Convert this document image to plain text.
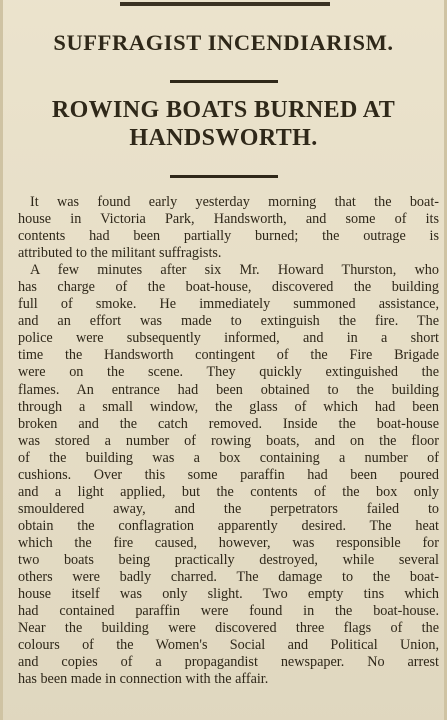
SUFFRAGIST INCENDIARISM.
ROWING BOATS BURNED AT
HANDSWORTH.
It was found early yesterday morning that the boat-
house in Victoria Park, Handsworth, and some of its
contents had been partially burned; the outrage is
attributed to the militant suffragists.
A few minutes after six Mr. Howard Thurston, who
has charge of the boat-house, discovered the building
full of smoke. He immediately summoned assistance,
and an effort was made to extinguish the fire. The
police were subsequently informed, and in a short
time the Handsworth contingent of the Fire Brigade
were on the scene. They quickly extinguished the
flames. An entrance had been obtained to the building
through a small window, the glass of which had been
broken and the catch removed. Inside the boat-house
was stored a number of rowing boats, and on the floor
of the building was a box containing a number of
cushions. Over this some paraffin had been poured
and a light applied, but the contents of the box only
smouldered away, and the perpetrators failed to
obtain the conflagration apparently desired. The heat
which the fire caused, however, was responsible for
two boats being practically destroyed, while several
others were badly charred. The damage to the boat-
house itself was only slight. Two empty tins which
had contained paraffin were found in the boat-house.
Near the building were discovered three flags of the
colours of the Women's Social and Political Union,
and copies of a propagandist newspaper. No arrest
has been made in connection with the affair.
